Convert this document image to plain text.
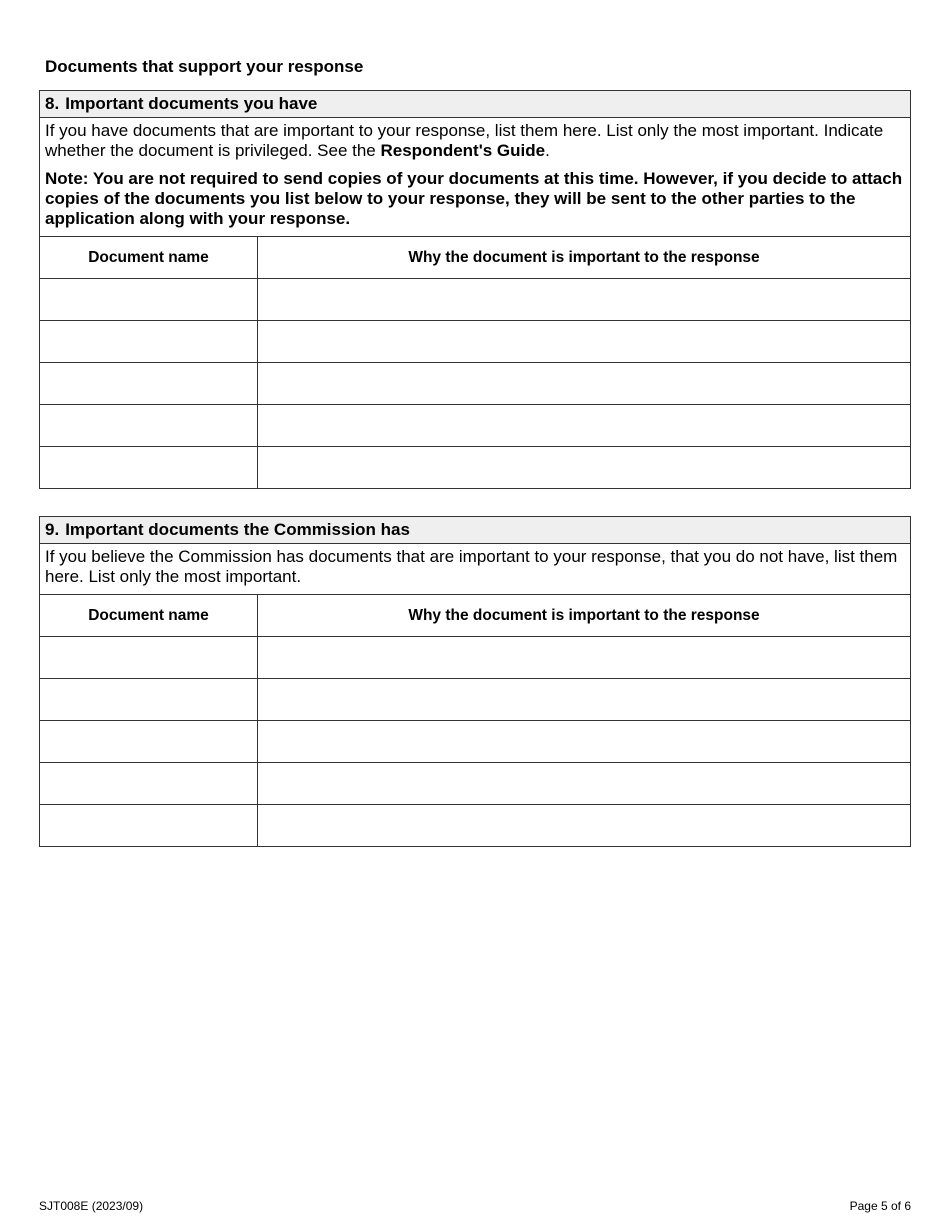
Documents that support your response
8. Important documents you have	

If you have documents that are important to your response, list them here. List only the most important. Indicate whether the document is privileged. See the Respondent's Guide.

Note: You are not required to send copies of your documents at this time. However, if you decide to attach copies of the documents you list below to your response, they will be sent to the other parties to the application along with your response.	

Document name	Why the document is important to the response

9. Important documents the Commission has	

If you believe the Commission has documents that are important to your response, that you do not have, list them here. List only the most important.	

Document name	Why the document is important to the response

SJT008E (2023/09)	Page 5 of 6
